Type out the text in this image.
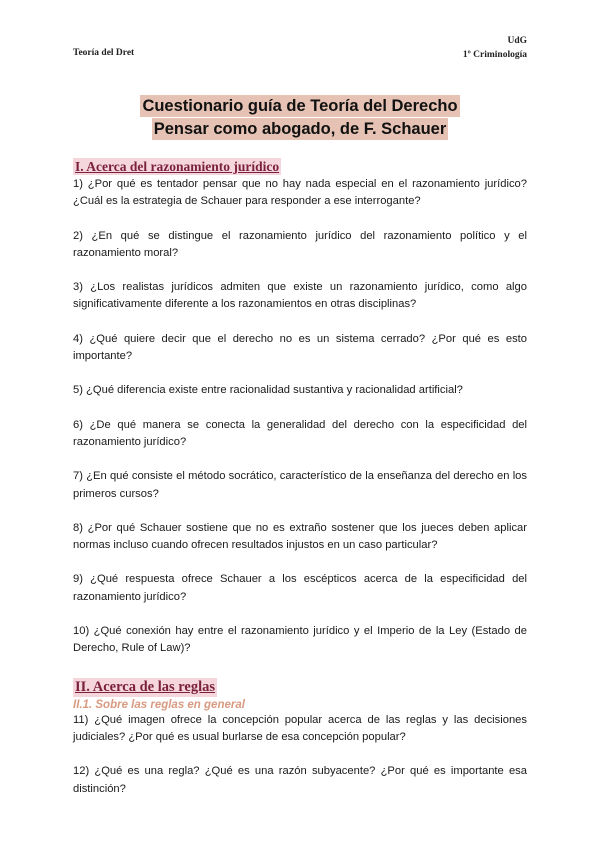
Teoría del Dret
UdG
1º Criminología
Cuestionario guía de Teoría del Derecho
Pensar como abogado, de F. Schauer
I. Acerca del razonamiento jurídico

1) ¿Por qué es tentador pensar que no hay nada especial en el razonamiento jurídico? ¿Cuál es la estrategia de Schauer para responder a ese interrogante?

2) ¿En qué se distingue el razonamiento jurídico del razonamiento político y el razonamiento moral?

3) ¿Los realistas jurídicos admiten que existe un razonamiento jurídico, como algo significativamente diferente a los razonamientos en otras disciplinas?

4) ¿Qué quiere decir que el derecho no es un sistema cerrado? ¿Por qué es esto importante?

5) ¿Qué diferencia existe entre racionalidad sustantiva y racionalidad artificial?

6) ¿De qué manera se conecta la generalidad del derecho con la especificidad del razonamiento jurídico?

7) ¿En qué consiste el método socrático, característico de la enseñanza del derecho en los primeros cursos?

8) ¿Por qué Schauer sostiene que no es extraño sostener que los jueces deben aplicar normas incluso cuando ofrecen resultados injustos en un caso particular?

9) ¿Qué respuesta ofrece Schauer a los escépticos acerca de la especificidad del razonamiento jurídico?

10) ¿Qué conexión hay entre el razonamiento jurídico y el Imperio de la Ley (Estado de Derecho, Rule of Law)?

II. Acerca de las reglas
II.1. Sobre las reglas en general

11) ¿Qué imagen ofrece la concepción popular acerca de las reglas y las decisiones judiciales? ¿Por qué es usual burlarse de esa concepción popular?

12) ¿Qué es una regla? ¿Qué es una razón subyacente? ¿Por qué es importante esa distinción?
